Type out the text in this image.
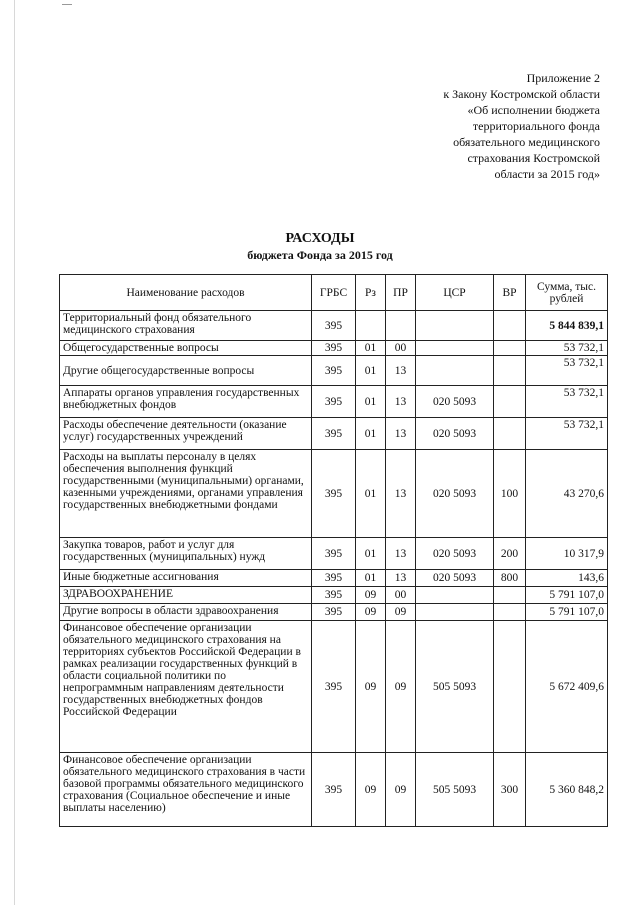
Приложение 2
к Закону Костромской области
«Об исполнении бюджета
территориального фонда
обязательного медицинского
страхования Костромской
области за 2015 год»
РАСХОДЫ
бюджета Фонда за 2015 год
Наименование расходов	ГРБС	Рз	ПР	ЦСР	ВР	Сумма, тыс. рублей
Территориальный фонд обязательного медицинского страхования	395					5 844 839,1
Общегосударственные вопросы	395	01	00			53 732,1
Другие общегосударственные вопросы	395	01	13			53 732,1
Аппараты органов управления государственных внебюджетных фондов	395	01	13	020 5093		53 732,1
Расходы обеспечение деятельности (оказание услуг) государственных учреждений	395	01	13	020 5093		53 732,1
Расходы на выплаты персоналу в целях обеспечения выполнения функций государственными (муниципальными) органами, казенными учреждениями, органами управления государственных внебюджетными фондами	395	01	13	020 5093	100	43 270,6
Закупка товаров, работ и услуг для государственных (муниципальных) нужд	395	01	13	020 5093	200	10 317,9
Иные бюджетные ассигнования	395	01	13	020 5093	800	143,6
ЗДРАВООХРАНЕНИЕ	395	09	00			5 791 107,0
Другие вопросы в области здравоохранения	395	09	09			5 791 107,0
Финансовое обеспечение организации обязательного медицинского страхования на территориях субъектов Российской Федерации в рамках реализации государственных функций в области социальной политики по непрограммным направлениям деятельности государственных внебюджетных фондов Российской Федерации	395	09	09	505 5093		5 672 409,6
Финансовое обеспечение организации обязательного медицинского страхования в части базовой программы обязательного медицинского страхования (Социальное обеспечение и иные выплаты населению)	395	09	09	505 5093	300	5 360 848,2
